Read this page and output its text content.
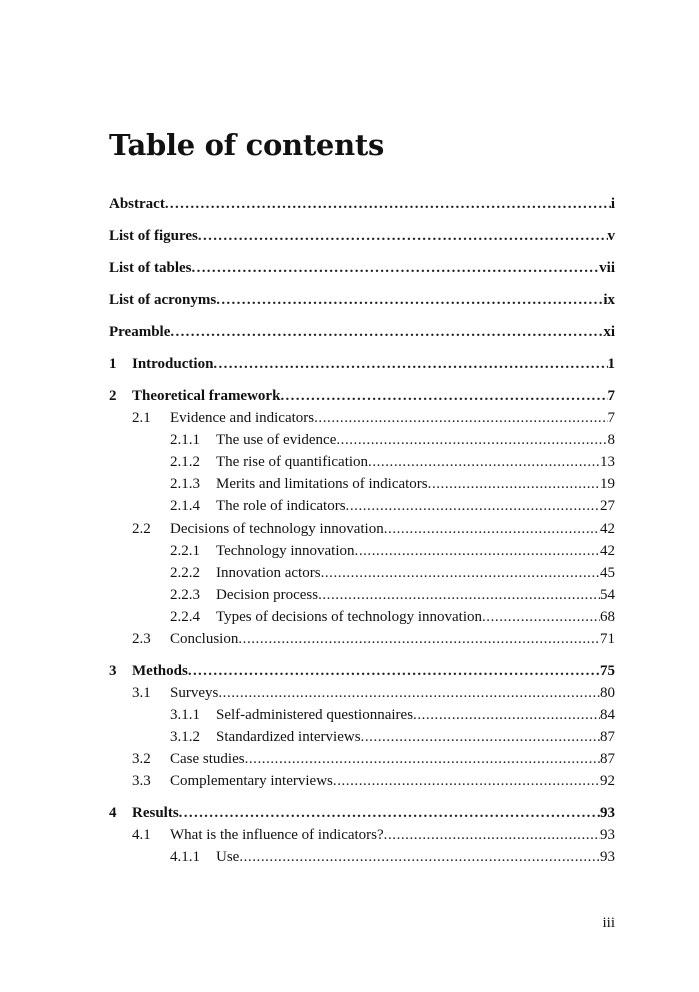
Table of contents
Abstract . . .	i
List of figures . . .	v
List of tables . . .	vii
List of acronyms . . .	ix
Preamble . . .	xi
1	Introduction . . .	1
2	Theoretical framework . . .	7
2.1	Evidence and indicators . . .	7
2.1.1	The use of evidence . . .	8
2.1.2	The rise of quantification . . .	13
2.1.3	Merits and limitations of indicators . . .	19
2.1.4	The role of indicators . . .	27
2.2	Decisions of technology innovation . . .	42
2.2.1	Technology innovation . . .	42
2.2.2	Innovation actors . . .	45
2.2.3	Decision process . . .	54
2.2.4	Types of decisions of technology innovation . . .	68
2.3	Conclusion . . .	71
3	Methods . . .	75
3.1	Surveys . . .	80
3.1.1	Self-administered questionnaires . . .	84
3.1.2	Standardized interviews . . .	87
3.2	Case studies . . .	87
3.3	Complementary interviews . . .	92
4	Results . . .	93
4.1	What is the influence of indicators? . . .	93
4.1.1	Use . . .	93
iii
